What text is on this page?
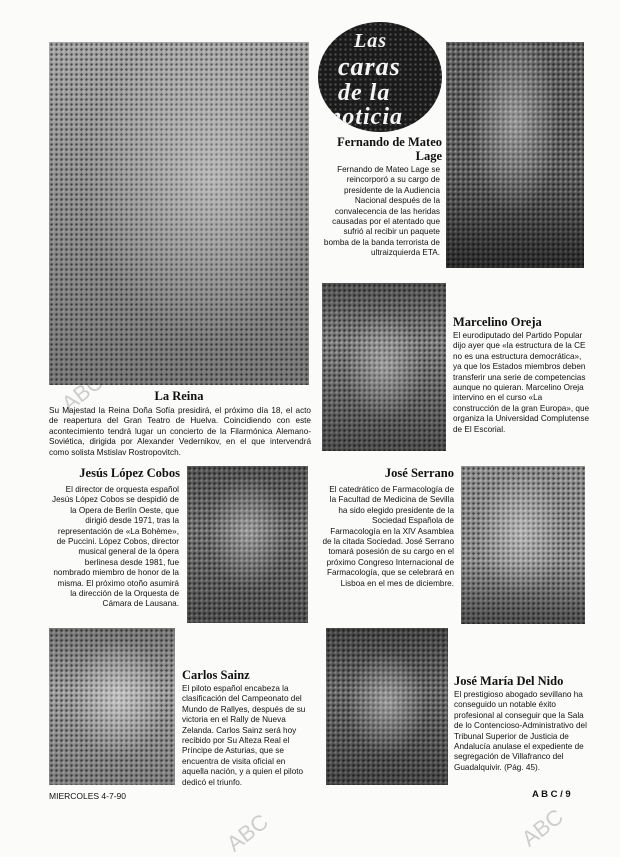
ABC
ABC
ABC
Las
caras
de la
noticia
La Reina

Su Majestad la Reina Doña Sofía presidirá, el próximo día 18, el acto de reapertura del Gran Teatro de Huelva. Coincidiendo con este acontecimiento tendrá lugar un concierto de la Filarmónica Alemano-Soviética, dirigida por Alexander Vedernikov, en el que intervendrá como solista Mstislav Rostropovitch.

Fernando de Mateo Lage

Fernando de Mateo Lage se reincorporó a su cargo de presidente de la Audiencia Nacional después de la convalecencia de las heridas causadas por el atentado que sufrió al recibir un paquete bomba de la banda terrorista de ultraizquierda ETA.

Marcelino Oreja

El eurodiputado del Partido Popular dijo ayer que «la estructura de la CE no es una estructura democrática», ya que los Estados miembros deben transferir una serie de competencias aunque no quieran. Marcelino Oreja intervino en el curso «La construcción de la gran Europa», que organiza la Universidad Complutense de El Escorial.

Jesús López Cobos

El director de orquesta español Jesús López Cobos se despidió de la Opera de Berlín Oeste, que dirigió desde 1971, tras la representación de «La Bohème», de Puccini. López Cobos, director musical general de la ópera berlinesa desde 1981, fue nombrado miembro de honor de la misma. El próximo otoño asumirá la dirección de la Orquesta de Cámara de Lausana.

José Serrano

El catedrático de Farmacología de la Facultad de Medicina de Sevilla ha sido elegido presidente de la Sociedad Española de Farmacología en la XIV Asamblea de la citada Sociedad. José Serrano tomará posesión de su cargo en el próximo Congreso Internacional de Farmacología, que se celebrará en Lisboa en el mes de diciembre.

Carlos Sainz

El piloto español encabeza la clasificación del Campeonato del Mundo de Rallyes, después de su victoria en el Rally de Nueva Zelanda. Carlos Sainz será hoy recibido por Su Alteza Real el Príncipe de Asturias, que se encuentra de visita oficial en aquella nación, y a quien el piloto dedicó el triunfo.

José María Del Nido

El prestigioso abogado sevillano ha conseguido un notable éxito profesional al conseguir que la Sala de lo Contencioso-Administrativo del Tribunal Superior de Justicia de Andalucía anulase el expediente de segregación de Villafranco del Guadalquivir. (Pág. 45).

MIERCOLES 4-7-90	A B C / 9
